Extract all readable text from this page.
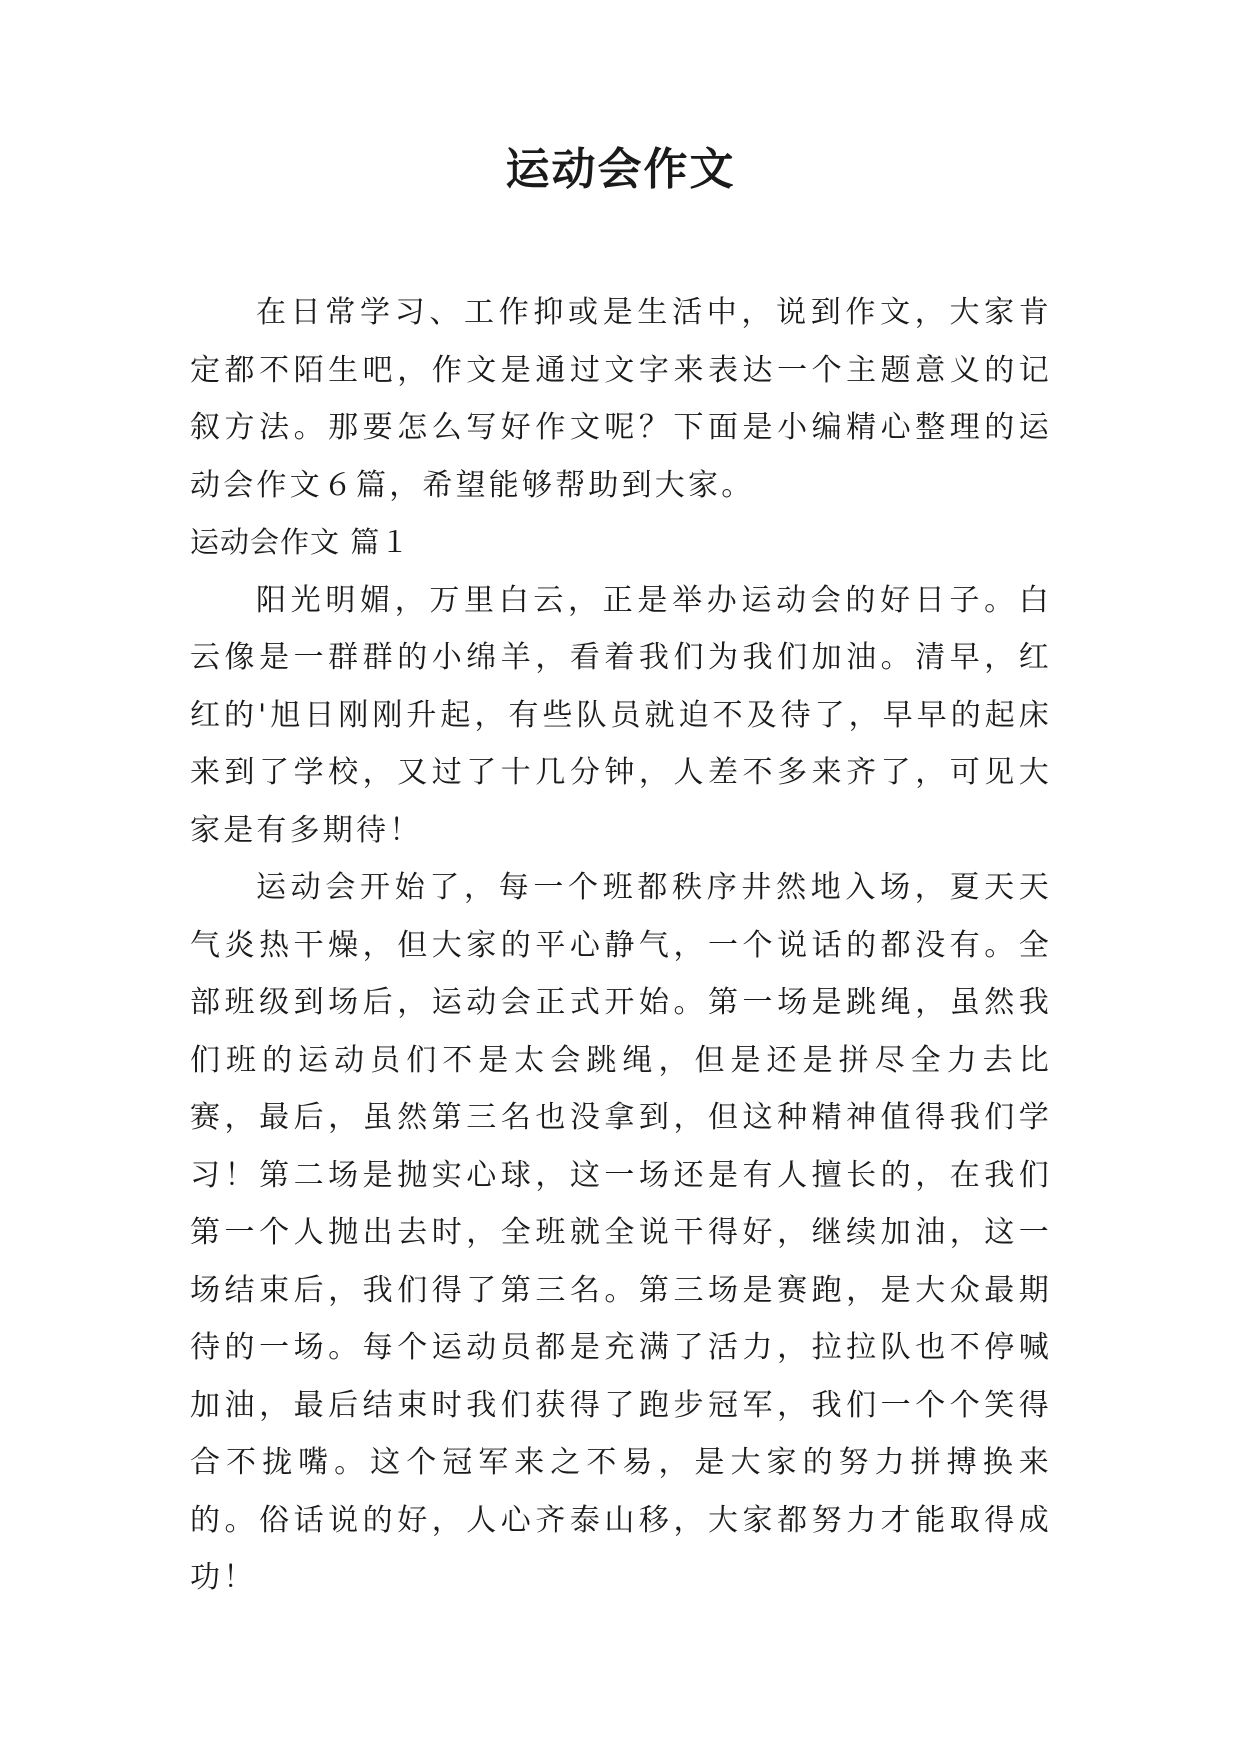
运动会作文

在日常学习、工作抑或是生活中，说到作文，大家肯定都不陌生吧，作文是通过文字来表达一个主题意义的记叙方法。那要怎么写好作文呢？下面是小编精心整理的运动会作文６篇，希望能够帮助到大家。

运动会作文 篇１

阳光明媚，万里白云，正是举办运动会的好日子。白云像是一群群的小绵羊，看着我们为我们加油。清早，红红的'旭日刚刚升起，有些队员就迫不及待了，早早的起床来到了学校，又过了十几分钟，人差不多来齐了，可见大家是有多期待！

运动会开始了，每一个班都秩序井然地入场，夏天天气炎热干燥，但大家的平心静气，一个说话的都没有。全部班级到场后，运动会正式开始。第一场是跳绳，虽然我们班的运动员们不是太会跳绳，但是还是拼尽全力去比赛，最后，虽然第三名也没拿到，但这种精神值得我们学习！第二场是抛实心球，这一场还是有人擅长的，在我们第一个人抛出去时，全班就全说干得好，继续加油，这一场结束后，我们得了第三名。第三场是赛跑，是大众最期待的一场。每个运动员都是充满了活力，拉拉队也不停喊加油，最后结束时我们获得了跑步冠军，我们一个个笑得合不拢嘴。这个冠军来之不易，是大家的努力拼搏换来的。俗话说的好，人心齐泰山移，大家都努力才能取得成功！
